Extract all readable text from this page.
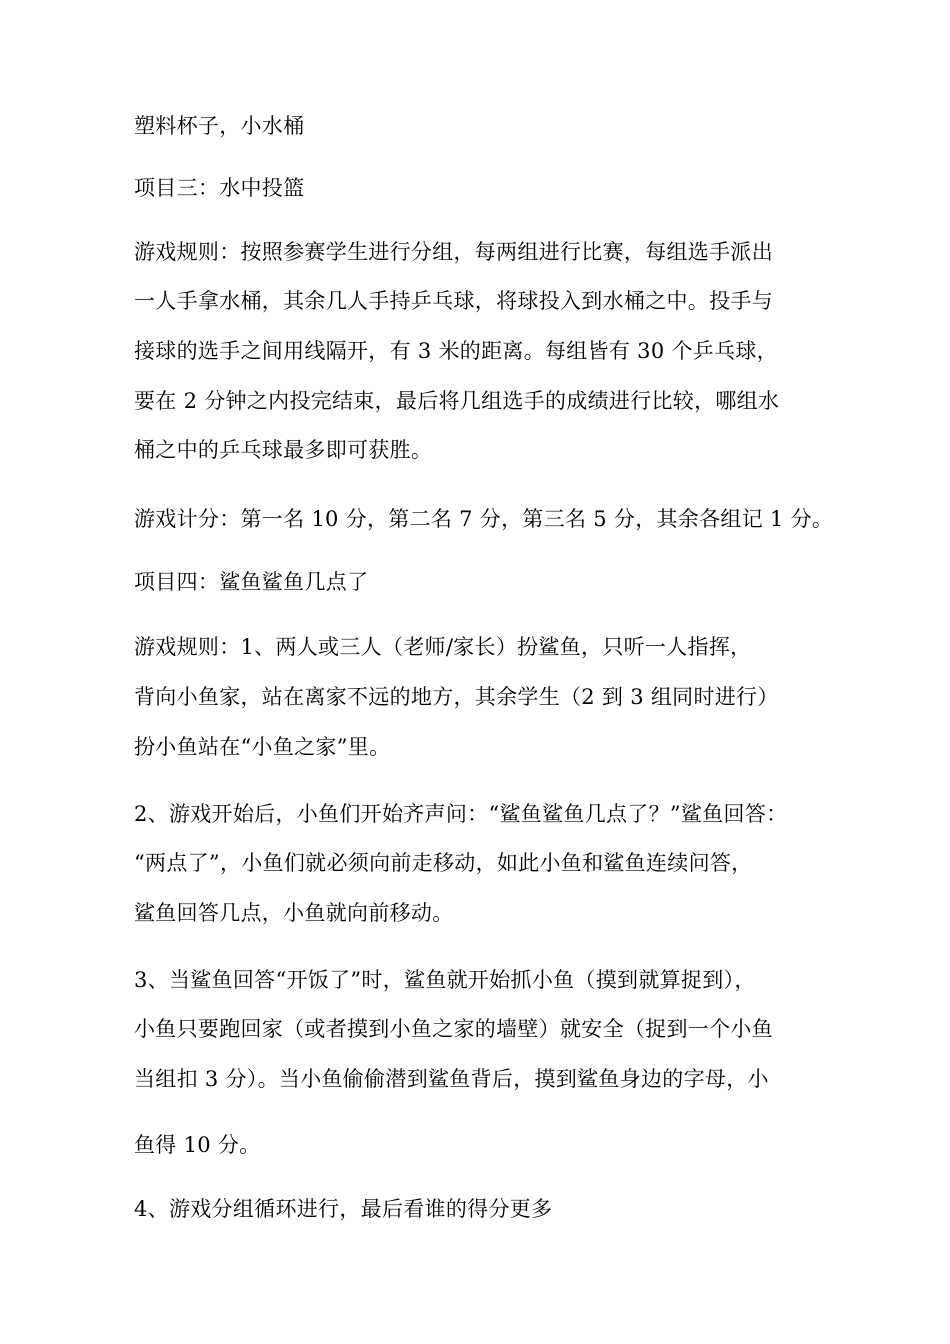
塑料杯子，小水桶
项目三：水中投篮
游戏规则：按照参赛学生进行分组，每两组进行比赛，每组选手派出
一人手拿水桶，其余几人手持乒乓球，将球投入到水桶之中。投手与
接球的选手之间用线隔开，有 3 米的距离。每组皆有 30 个乒乓球，
要在 2 分钟之内投完结束，最后将几组选手的成绩进行比较，哪组水
桶之中的乒乓球最多即可获胜。
游戏计分：第一名 10 分，第二名 7 分，第三名 5 分，其余各组记 1 分。
项目四：鲨鱼鲨鱼几点了
游戏规则：1、两人或三人（老师/家长）扮鲨鱼，只听一人指挥，
背向小鱼家，站在离家不远的地方，其余学生（2 到 3 组同时进行）
扮小鱼站在“小鱼之家”里。
2、游戏开始后，小鱼们开始齐声问：“鲨鱼鲨鱼几点了？”鲨鱼回答：
“两点了”，小鱼们就必须向前走移动，如此小鱼和鲨鱼连续问答，
鲨鱼回答几点，小鱼就向前移动。
3、当鲨鱼回答“开饭了”时，鲨鱼就开始抓小鱼（摸到就算捉到），
小鱼只要跑回家（或者摸到小鱼之家的墙壁）就安全（捉到一个小鱼
当组扣 3 分）。当小鱼偷偷潜到鲨鱼背后，摸到鲨鱼身边的字母，小
鱼得 10 分。
4、游戏分组循环进行，最后看谁的得分更多
